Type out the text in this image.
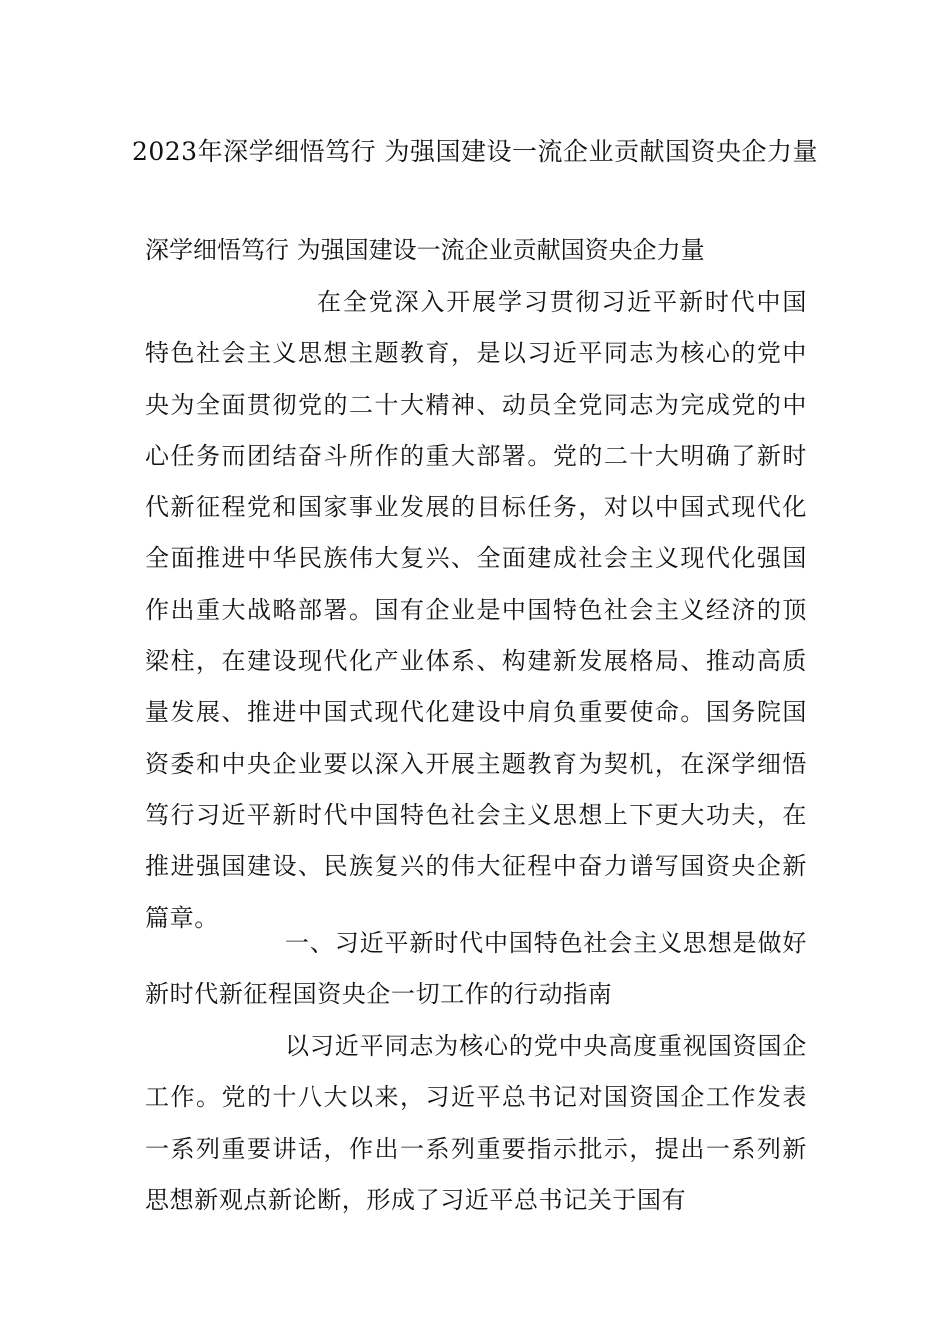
2023年深学细悟笃行 为强国建设一流企业贡献国资央企力量
深学细悟笃行 为强国建设一流企业贡献国资央企力量
在全党深入开展学习贯彻习近平新时代中国特色社会主义思想主题教育，是以习近平同志为核心的党中央为全面贯彻党的二十大精神、动员全党同志为完成党的中心任务而团结奋斗所作的重大部署。党的二十大明确了新时代新征程党和国家事业发展的目标任务，对以中国式现代化全面推进中华民族伟大复兴、全面建成社会主义现代化强国作出重大战略部署。国有企业是中国特色社会主义经济的顶梁柱，在建设现代化产业体系、构建新发展格局、推动高质量发展、推进中国式现代化建设中肩负重要使命。国务院国资委和中央企业要以深入开展主题教育为契机，在深学细悟笃行习近平新时代中国特色社会主义思想上下更大功夫，在推进强国建设、民族复兴的伟大征程中奋力谱写国资央企新篇章。
一、习近平新时代中国特色社会主义思想是做好新时代新征程国资央企一切工作的行动指南
以习近平同志为核心的党中央高度重视国资国企工作。党的十八大以来，习近平总书记对国资国企工作发表一系列重要讲话，作出一系列重要指示批示，提出一系列新思想新观点新论断，形成了习近平总书记关于国有
